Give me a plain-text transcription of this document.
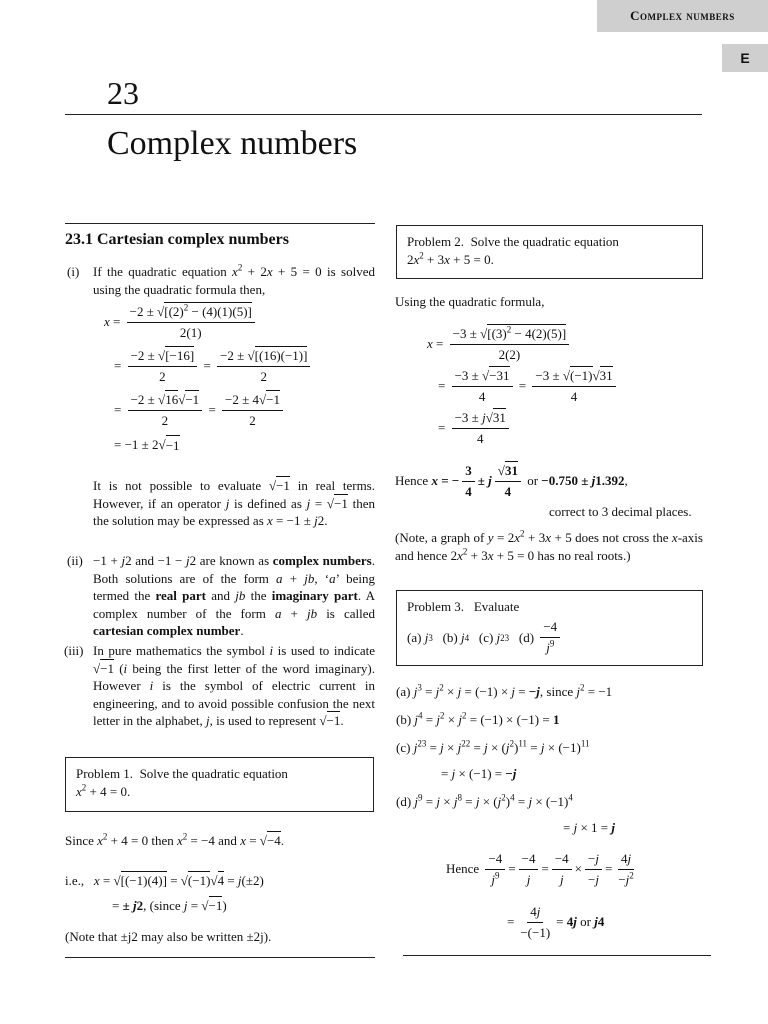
Complex numbers
E
23
Complex numbers
23.1 Cartesian complex numbers
(i)	If the quadratic equation $x^2 + 2x + 5 = 0$ is solved using the quadratic formula then,
$x = \frac{-2 \pm √[(2)^2 - (4)(1)(5)]}{2(1)}$
= $\frac{-2 \pm √[-16]}{2} = \frac{-2 \pm √[(16)(-1)]}{2}$
= $\frac{-2 \pm √16√-1}{2} = \frac{-2 \pm 4√-1}{2}$
= −1 ± 2√ −1
It is not possible to evaluate √−1 in real terms. However, if an operator j is defined as j = √−1 then the solution may be expressed as x = −1 ± j2.
(ii) −1 + j2 and −1 − j2 are known as complex numbers. Both solutions are of the form a + jb, ‘a’ being termed the real part and jb the imaginary part. A complex number of the form a + jb is called cartesian complex number.
(iii) In pure mathematics the symbol i is used to indicate √−1 (i being the first letter of the word imaginary). However i is the symbol of electric current in engineering, and to avoid possible confusion the next letter in the alphabet, j, is used to represent √−1.
Problem 1. Solve the quadratic equation
$x^2 + 4 = 0$.
Since $x^2 + 4 = 0$ then $x^2 = -4$ and x = √−4.
i.e.,   x = √[(−1)(4)] = √(−1)√4 = j(±2)
= ± j2, (since j = √−1)
(Note that ±j2 may also be written ±2j).
Problem 2. Solve the quadratic equation
$2x^2 + 3x + 5 = 0$.
Using the quadratic formula,
$x = \frac{-3 \pm √[(3)^2 - 4(2)(5)]}{2(2)}$
= $\frac{-3 \pm √-31}{4} = \frac{-3 \pm √(-1)√31}{4}$
= $\frac{-3 \pm j√31}{4}$
Hence x = − $\frac{3}{4} \pm j \frac{√31}{4}$ or −0.750 ± j1.392 ,
correct to 3 decimal places.
(Note, a graph of $y = 2x^2 + 3x + 5$ does not cross the x-axis and hence $2x^2 + 3x + 5 = 0$ has no real roots.)
Problem 3. Evaluate
(a) j 3 (b) j 4 (c) j 23 $(d) \frac{-4}{j^9}$
(a) $j^3 = j^2 \times j = (-1) \times j = -j$, since $j^2 = -1$
(b) $j^4 = j^2 \times j^2 = (-1) \times (-1) = 1$
(c) $j^{23} = j \times j^{22} = j \times (j^2)^{11} = j \times (-1)^{11}$
= j × (−1) = −j
(d) $j^9 = j \times j^8 = j \times (j^2)^4 = j \times (-1)^4$
= j × 1 = j
Hence $\frac{-4}{j^9} = \frac{-4}{j} = \frac{-4}{j} \times \frac{-j}{-j} = \frac{4j}{-j^2}$
= $\frac{4j}{-(-1)} = 4j$ or j4
